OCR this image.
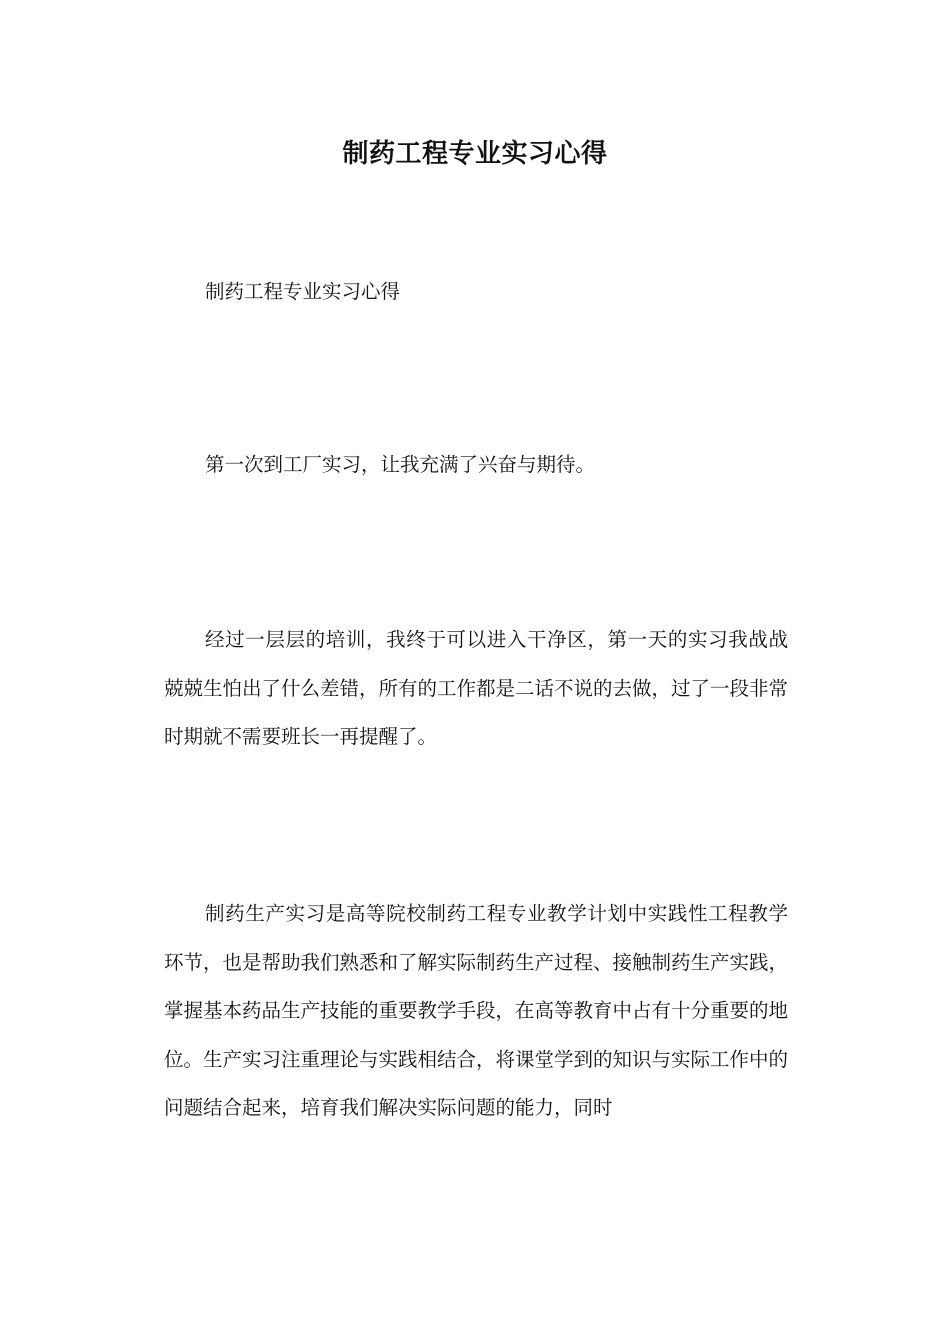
制药工程专业实习心得

制药工程专业实习心得

第一次到工厂实习，让我充满了兴奋与期待。

经过一层层的培训，我终于可以进入干净区，第一天的实习我战战兢兢生怕出了什么差错，所有的工作都是二话不说的去做，过了一段非常时期就不需要班长一再提醒了。

制药生产实习是高等院校制药工程专业教学计划中实践性工程教学环节，也是帮助我们熟悉和了解实际制药生产过程、接触制药生产实践，掌握基本药品生产技能的重要教学手段，在高等教育中占有十分重要的地位。生产实习注重理论与实践相结合，将课堂学到的知识与实际工作中的问题结合起来，培育我们解决实际问题的能力，同时
